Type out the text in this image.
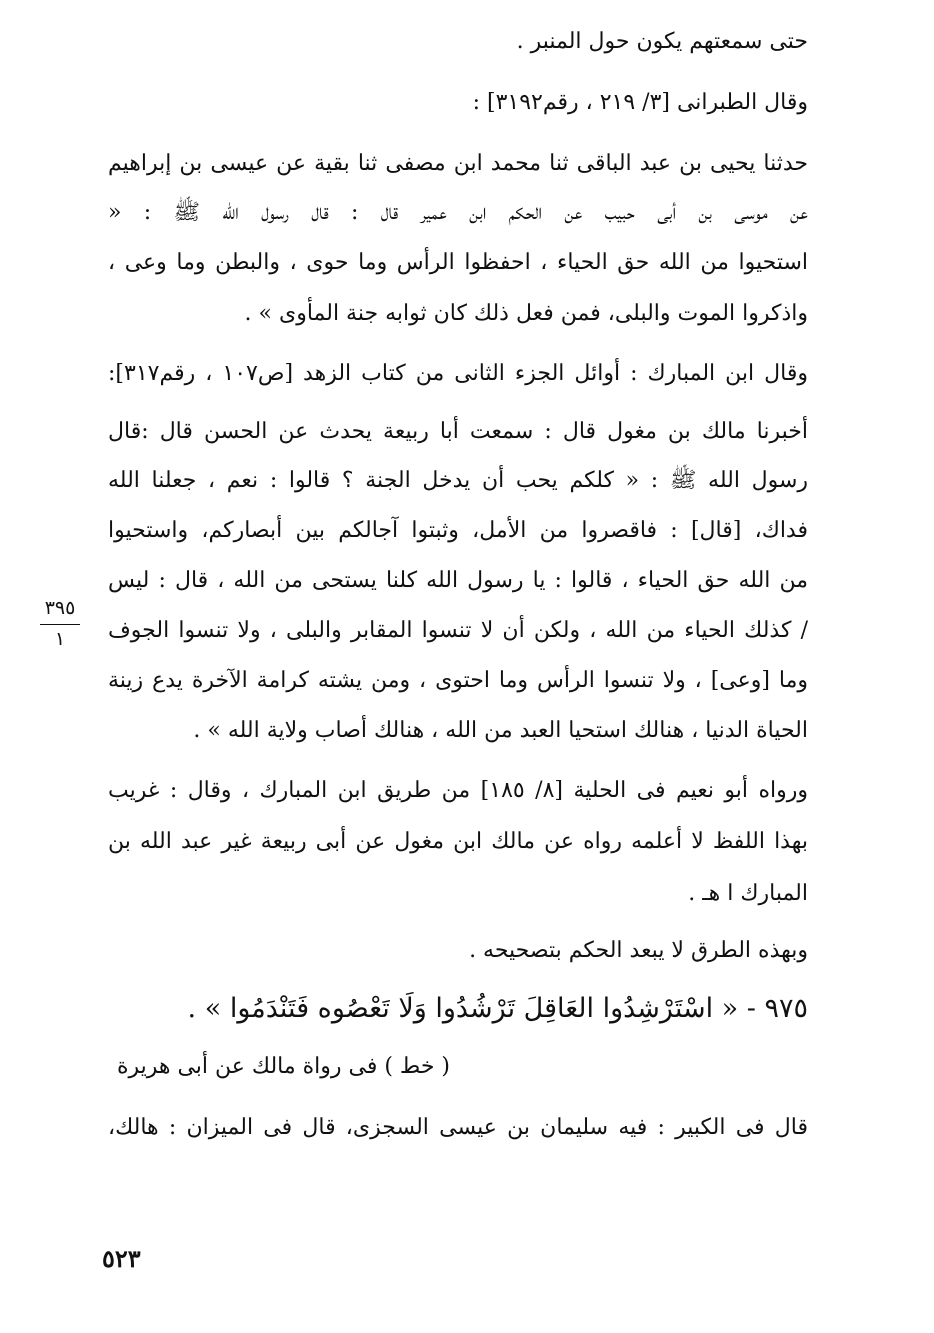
حتى سمعتهم يكون حول المنبر .
وقال الطبرانى [٣/ ٢١٩ ، رقم٣١٩٢] :
حدثنا يحيى بن عبد الباقى ثنا محمد ابن مصفى ثنا بقية عن عيسى بن إبراهيم
عن موسى بن أبى حبيب عن الحكم ابن عمير قال : قال رسول الله ﷺ : «
استحيوا من الله حق الحياء ، احفظوا الرأس وما حوى ، والبطن وما وعى ،
واذكروا الموت والبلى، فمن فعل ذلك كان ثوابه جنة المأوى » .
وقال ابن المبارك : أوائل الجزء الثانى من كتاب الزهد [ص١٠٧ ، رقم٣١٧]:
أخبرنا مالك بن مغول قال : سمعت أبا ربيعة يحدث عن الحسن قال :قال
رسول الله ﷺ : « كلكم يحب أن يدخل الجنة ؟ قالوا : نعم ، جعلنا الله
فداك، [قال] : فاقصروا من الأمل، وثبتوا آجالكم بين أبصاركم، واستحيوا
من الله حق الحياء ، قالوا : يا رسول الله كلنا يستحى من الله ، قال : ليس
/ كذلك الحياء من الله ، ولكن أن لا تنسوا المقابر والبلى ، ولا تنسوا الجوف
وما [وعى] ، ولا تنسوا الرأس وما احتوى ، ومن يشته كرامة الآخرة يدع زينة
الحياة الدنيا ، هنالك استحيا العبد من الله ، هنالك أصاب ولاية الله » .
٣٩٥
١
ورواه أبو نعيم فى الحلية [٨/ ١٨٥] من طريق ابن المبارك ، وقال : غريب
بهذا اللفظ لا أعلمه رواه عن مالك ابن مغول عن أبى ربيعة غير عبد الله بن
المبارك ا هـ .
وبهذه الطرق لا يبعد الحكم بتصحيحه .
٩٧٥ - « اسْتَرْشِدُوا العَاقِلَ تَرْشُدُوا وَلَا تَعْصُوه فَتَنْدَمُوا » .
( خط ) فى رواة مالك عن أبى هريرة
قال فى الكبير : فيه سليمان بن عيسى السجزى، قال فى الميزان : هالك،
٥٢٣
